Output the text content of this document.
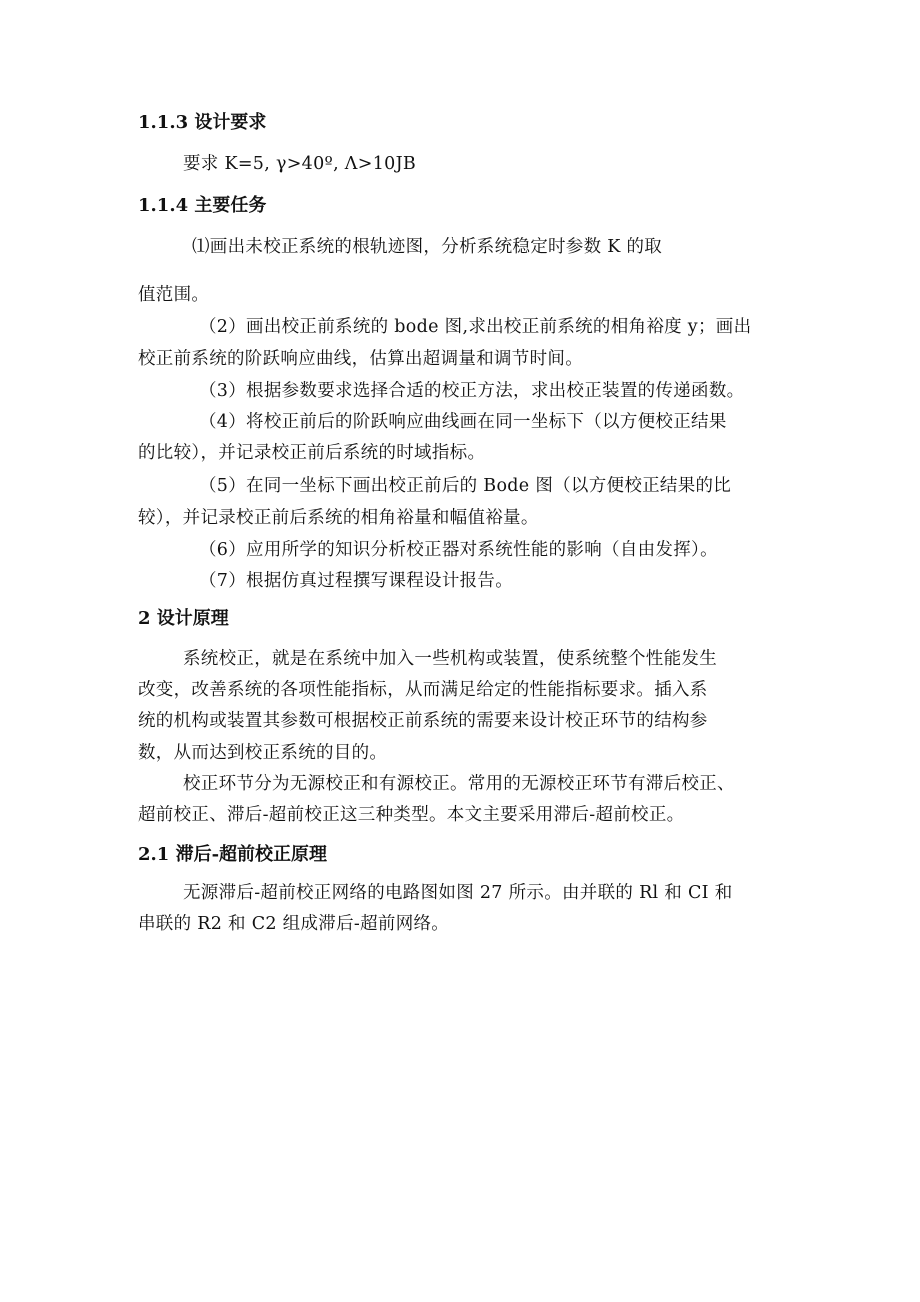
1.1.3 设计要求
要求 K=5, γ>40º, Λ>10JB
1.1.4 主要任务
⑴画出未校正系统的根轨迹图，分析系统稳定时参数 K 的取
值范围。
（2）画出校正前系统的 bode 图,求出校正前系统的相角裕度 y；画出
校正前系统的阶跃响应曲线，估算出超调量和调节时间。
（3）根据参数要求选择合适的校正方法，求出校正装置的传递函数。
（4）将校正前后的阶跃响应曲线画在同一坐标下（以方便校正结果
的比较），并记录校正前后系统的时域指标。
（5）在同一坐标下画出校正前后的 Bode 图（以方便校正结果的比
较），并记录校正前后系统的相角裕量和幅值裕量。
（6）应用所学的知识分析校正器对系统性能的影响（自由发挥）。
（7）根据仿真过程撰写课程设计报告。
2 设计原理
系统校正，就是在系统中加入一些机构或装置，使系统整个性能发生
改变，改善系统的各项性能指标，从而满足给定的性能指标要求。插入系
统的机构或装置其参数可根据校正前系统的需要来设计校正环节的结构参
数，从而达到校正系统的目的。
校正环节分为无源校正和有源校正。常用的无源校正环节有滞后校正、
超前校正、滞后-超前校正这三种类型。本文主要采用滞后-超前校正。
2.1 滞后-超前校正原理
无源滞后-超前校正网络的电路图如图 27 所示。由并联的 Rl 和 CI 和
串联的 R2 和 C2 组成滞后-超前网络。
